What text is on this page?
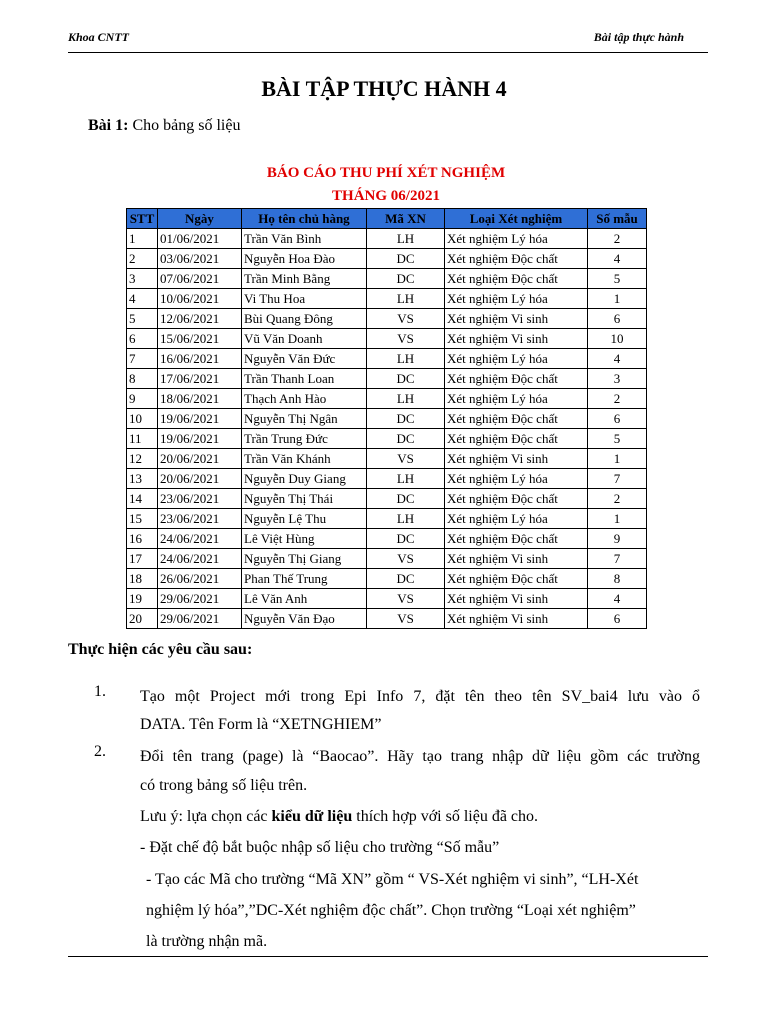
Khoa CNTT	Bài tập thực hành
BÀI TẬP THỰC HÀNH 4
Bài 1: Cho bảng số liệu
BÁO CÁO THU PHÍ XÉT NGHIỆM
THÁNG 06/2021
STT	Ngày	Họ tên chủ hàng	Mã XN	Loại Xét nghiệm	Số mẫu
1	01/06/2021	Trần Văn Bình	LH	Xét nghiệm Lý hóa	2
2	03/06/2021	Nguyễn Hoa Đào	DC	Xét nghiệm Độc chất	4
3	07/06/2021	Trần Minh Bằng	DC	Xét nghiệm Độc chất	5
4	10/06/2021	Vi Thu Hoa	LH	Xét nghiệm Lý hóa	1
5	12/06/2021	Bùi Quang Đông	VS	Xét nghiệm Vi sinh	6
6	15/06/2021	Vũ Văn Doanh	VS	Xét nghiệm Vi sinh	10
7	16/06/2021	Nguyễn Văn Đức	LH	Xét nghiệm Lý hóa	4
8	17/06/2021	Trần Thanh Loan	DC	Xét nghiệm Độc chất	3
9	18/06/2021	Thạch Anh Hào	LH	Xét nghiệm Lý hóa	2
10	19/06/2021	Nguyễn Thị Ngân	DC	Xét nghiệm Độc chất	6
11	19/06/2021	Trần Trung Đức	DC	Xét nghiệm Độc chất	5
12	20/06/2021	Trần Văn Khánh	VS	Xét nghiệm Vi sinh	1
13	20/06/2021	Nguyễn Duy Giang	LH	Xét nghiệm Lý hóa	7
14	23/06/2021	Nguyễn Thị Thái	DC	Xét nghiệm Độc chất	2
15	23/06/2021	Nguyễn Lệ Thu	LH	Xét nghiệm Lý hóa	1
16	24/06/2021	Lê Việt Hùng	DC	Xét nghiệm Độc chất	9
17	24/06/2021	Nguyễn Thị Giang	VS	Xét nghiệm Vi sinh	7
18	26/06/2021	Phan Thế Trung	DC	Xét nghiệm Độc chất	8
19	29/06/2021	Lê Văn Anh	VS	Xét nghiệm Vi sinh	4
20	29/06/2021	Nguyễn Văn Đạo	VS	Xét nghiệm Vi sinh	6
Thực hiện các yêu cầu sau:
1. Tạo một Project mới trong Epi Info 7, đặt tên theo tên SV_bai4 lưu vào ổ
DATA. Tên Form là “XETNGHIEM”
2. Đổi tên trang (page) là “Baocao”. Hãy tạo trang nhập dữ liệu gồm các trường
có trong bảng số liệu trên.
Lưu ý: lựa chọn các kiểu dữ liệu thích hợp với số liệu đã cho.
- Đặt chế độ bắt buộc nhập số liệu cho trường “Số mẫu”
- Tạo các Mã cho trường “Mã XN” gồm “ VS-Xét nghiệm vi sinh”, “LH-Xét
nghiệm lý hóa”,”DC-Xét nghiệm độc chất”. Chọn trường “Loại xét nghiệm”
là trường nhận mã.
